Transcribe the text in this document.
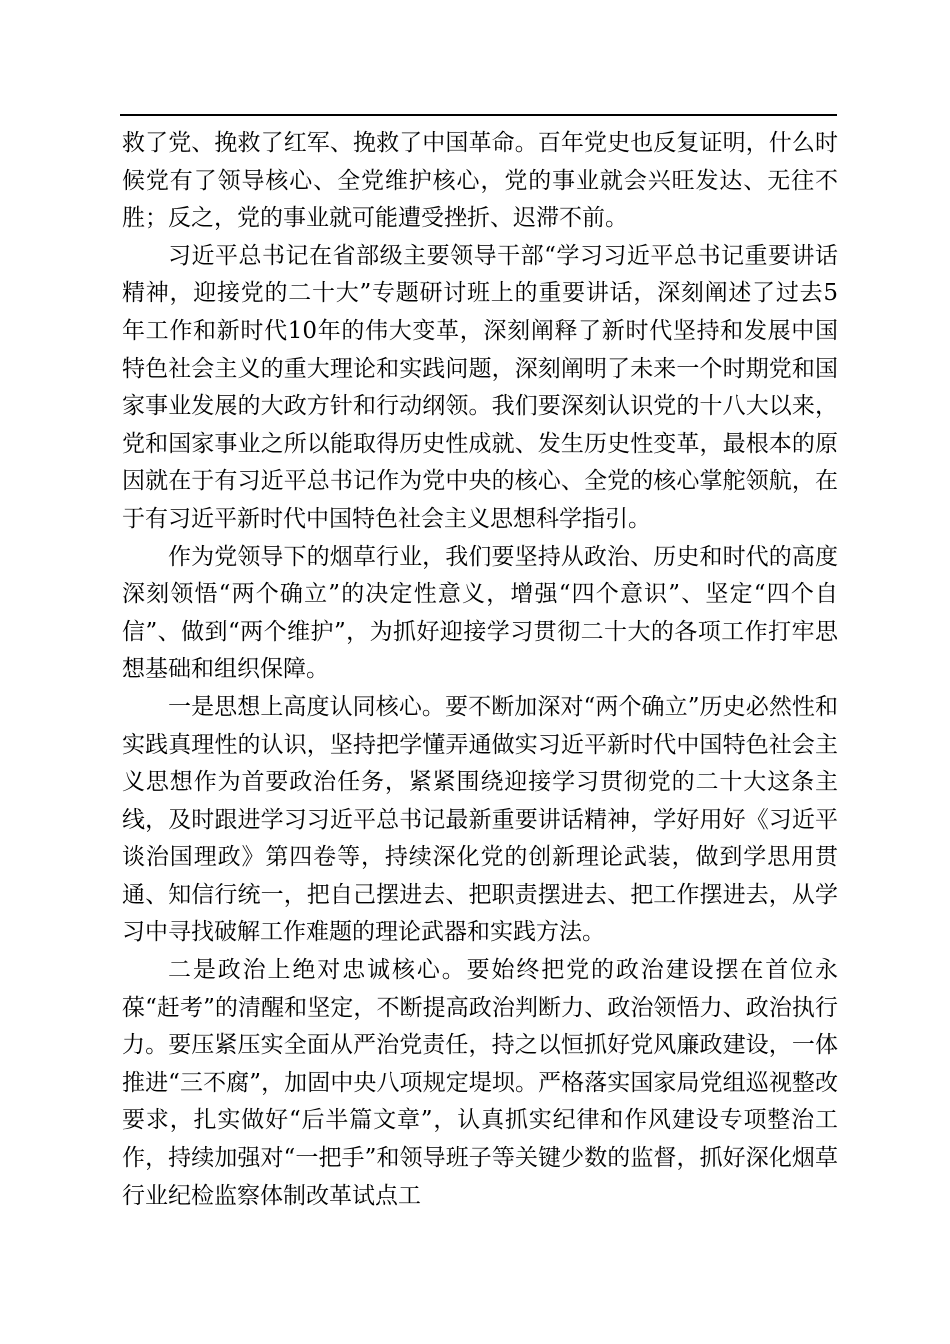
救了党、挽救了红军、挽救了中国革命。百年党史也反复证明，什么时候党有了领导核心、全党维护核心，党的事业就会兴旺发达、无往不胜；反之，党的事业就可能遭受挫折、迟滞不前。

习近平总书记在省部级主要领导干部“学习习近平总书记重要讲话精神，迎接党的二十大”专题研讨班上的重要讲话，深刻阐述了过去5年工作和新时代10年的伟大变革，深刻阐释了新时代坚持和发展中国特色社会主义的重大理论和实践问题，深刻阐明了未来一个时期党和国家事业发展的大政方针和行动纲领。我们要深刻认识党的十八大以来，党和国家事业之所以能取得历史性成就、发生历史性变革，最根本的原因就在于有习近平总书记作为党中央的核心、全党的核心掌舵领航，在于有习近平新时代中国特色社会主义思想科学指引。

作为党领导下的烟草行业，我们要坚持从政治、历史和时代的高度深刻领悟“两个确立”的决定性意义，增强“四个意识”、坚定“四个自信”、做到“两个维护”，为抓好迎接学习贯彻二十大的各项工作打牢思想基础和组织保障。

一是思想上高度认同核心。要不断加深对“两个确立”历史必然性和实践真理性的认识，坚持把学懂弄通做实习近平新时代中国特色社会主义思想作为首要政治任务，紧紧围绕迎接学习贯彻党的二十大这条主线，及时跟进学习习近平总书记最新重要讲话精神，学好用好《习近平谈治国理政》第四卷等，持续深化党的创新理论武装，做到学思用贯通、知信行统一，把自己摆进去、把职责摆进去、把工作摆进去，从学习中寻找破解工作难题的理论武器和实践方法。

二是政治上绝对忠诚核心。要始终把党的政治建设摆在首位永葆“赶考”的清醒和坚定，不断提高政治判断力、政治领悟力、政治执行力。要压紧压实全面从严治党责任，持之以恒抓好党风廉政建设，一体推进“三不腐”，加固中央八项规定堤坝。严格落实国家局党组巡视整改要求，扎实做好“后半篇文章”，认真抓实纪律和作风建设专项整治工作，持续加强对“一把手”和领导班子等关键少数的监督，抓好深化烟草行业纪检监察体制改革试点工
